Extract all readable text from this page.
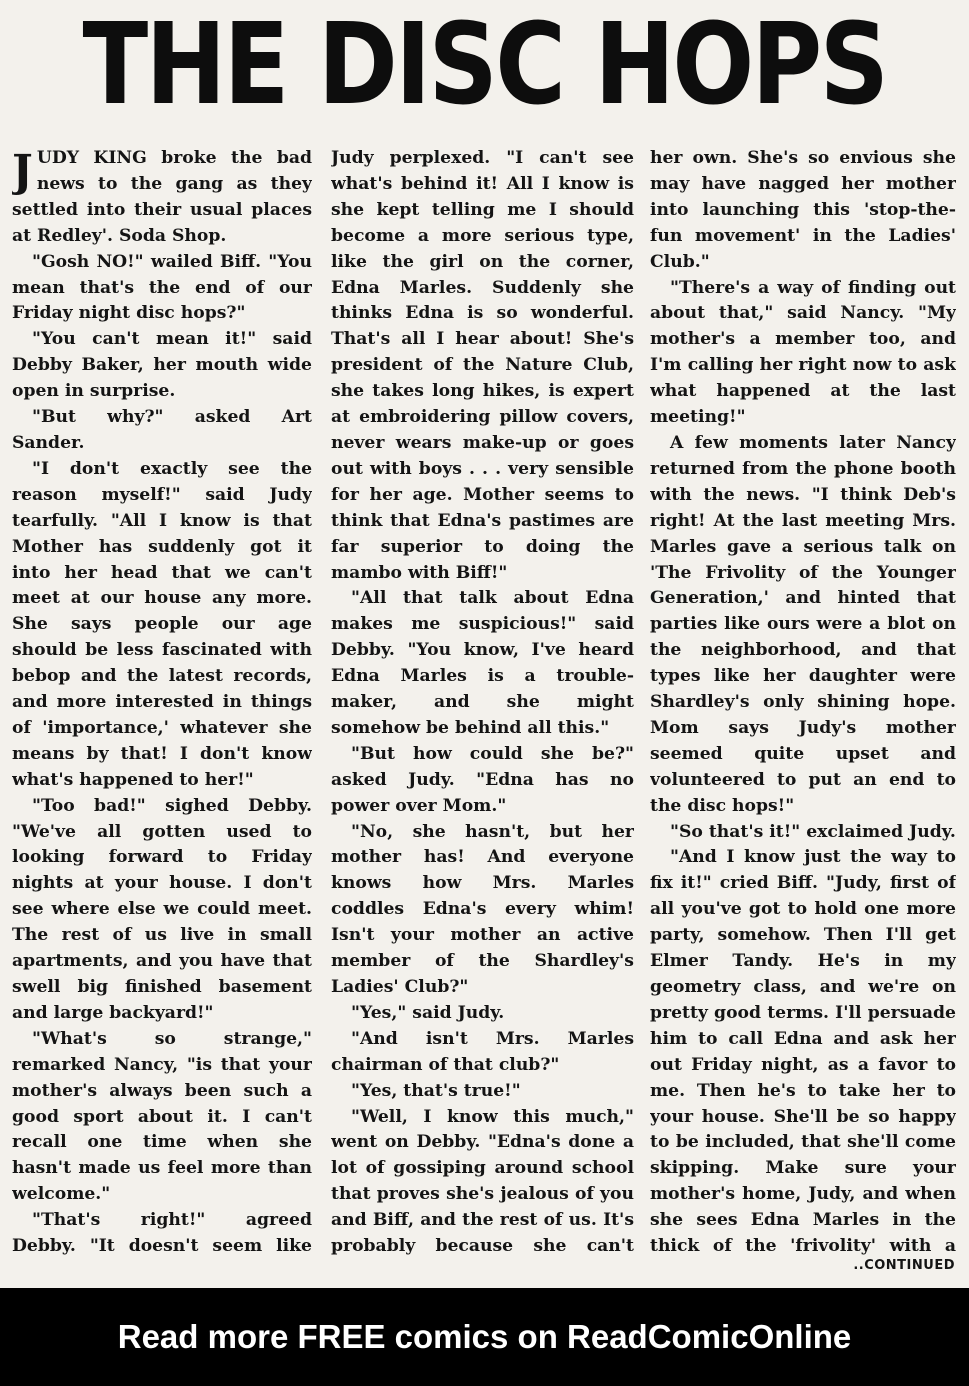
THE DISC HOPS

JUDY KING broke the bad news to the gang as they settled into their usual places at Redley'. Soda Shop.

"Gosh NO!" wailed Biff. "You mean that's the end of our Friday night disc hops?"

"You can't mean it!" said Debby Baker, her mouth wide open in surprise.

"But why?" asked Art Sander.

"I don't exactly see the reason myself!" said Judy tearfully. "All I know is that Mother has suddenly got it into her head that we can't meet at our house any more. She says people our age should be less fascinated with bebop and the latest records, and more interested in things of 'importance,' whatever she means by that! I don't know what's happened to her!"

"Too bad!" sighed Debby. "We've all gotten used to looking forward to Friday nights at your house. I don't see where else we could meet. The rest of us live in small apartments, and you have that swell big finished basement and large backyard!"

"What's so strange," remarked Nancy, "is that your mother's always been such a good sport about it. I can't recall one time when she hasn't made us feel more than welcome."

"That's right!" agreed Debby. "It doesn't seem like

Judy perplexed. "I can't see what's behind it! All I know is she kept telling me I should become a more serious type, like the girl on the corner, Edna Marles. Suddenly she thinks Edna is so wonderful. That's all I hear about! She's president of the Nature Club, she takes long hikes, is expert at embroidering pillow covers, never wears make-up or goes out with boys . . . very sensible for her age. Mother seems to think that Edna's pastimes are far superior to doing the mambo with Biff!"

"All that talk about Edna makes me suspicious!" said Debby. "You know, I've heard Edna Marles is a trouble-maker, and she might somehow be behind all this."

"But how could she be?" asked Judy. "Edna has no power over Mom."

"No, she hasn't, but her mother has! And everyone knows how Mrs. Marles coddles Edna's every whim! Isn't your mother an active member of the Shardley's Ladies' Club?"

"Yes," said Judy.

"And isn't Mrs. Marles chairman of that club?"

"Yes, that's true!"

"Well, I know this much," went on Debby. "Edna's done a lot of gossiping around school that proves she's jealous of you and Biff, and the rest of us. It's probably because she can't

her own. She's so envious she may have nagged her mother into launching this 'stop-the-fun movement' in the Ladies' Club."

"There's a way of finding out about that," said Nancy. "My mother's a member too, and I'm calling her right now to ask what happened at the last meeting!"

A few moments later Nancy returned from the phone booth with the news. "I think Deb's right! At the last meeting Mrs. Marles gave a serious talk on 'The Frivolity of the Younger Generation,' and hinted that parties like ours were a blot on the neighborhood, and that types like her daughter were Shardley's only shining hope. Mom says Judy's mother seemed quite upset and volunteered to put an end to the disc hops!"

"So that's it!" exclaimed Judy.

"And I know just the way to fix it!" cried Biff. "Judy, first of all you've got to hold one more party, somehow. Then I'll get Elmer Tandy. He's in my geometry class, and we're on pretty good terms. I'll persuade him to call Edna and ask her out Friday night, as a favor to me. Then he's to take her to your house. She'll be so happy to be included, that she'll come skipping. Make sure your mother's home, Judy, and when she sees Edna Marles in the thick of the 'frivolity' with a

..CONTINUED
Read more FREE comics on ReadComicOnline
